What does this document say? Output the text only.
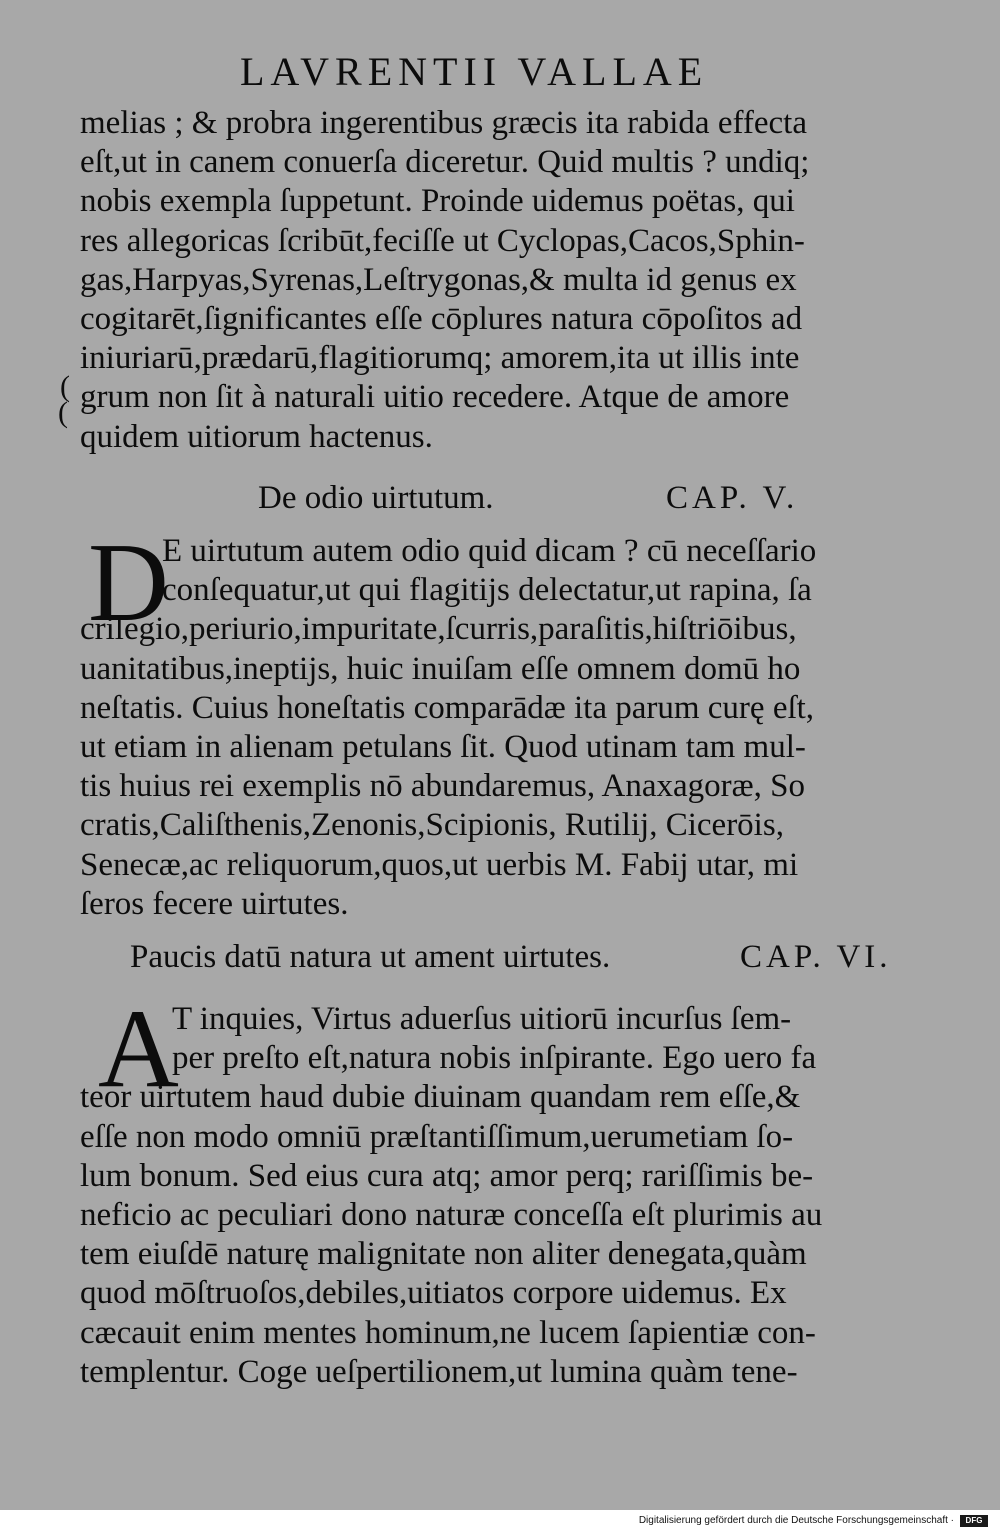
LAVRENTII VALLAE
melias ; & probra ingerentibus græcis ita rabida effecta
eſt,ut in canem conuerſa diceretur. Quid multis ? undiq;
nobis exempla ſuppetunt. Proinde uidemus poëtas, qui
res allegoricas ſcribūt,feciſſe ut Cyclopas,Cacos,Sphin-
gas,Harpyas,Syrenas,Leſtrygonas,& multa id genus ex
cogitarēt,ſignificantes eſſe cōplures natura cōpoſitos ad
iniuriarū,prædarū,flagitiorumq; amorem,ita ut illis inte
grum non ſit à naturali uitio recedere. Atque de amore
quidem uitiorum hactenus.
(
(
De odio uirtutum.	CAP. V.
D
E uirtutum autem odio quid dicam ? cū neceſſario
conſequatur,ut qui flagitijs delectatur,ut rapina, ſa
crilegio,periurio,impuritate,ſcurris,paraſitis,hiſtriōibus,
uanitatibus,ineptijs, huic inuiſam eſſe omnem domū ho
neſtatis. Cuius honeſtatis comparādæ ita parum curę eſt,
ut etiam in alienam petulans ſit. Quod utinam tam mul-
tis huius rei exemplis nō abundaremus, Anaxagoræ, So
cratis,Caliſthenis,Zenonis,Scipionis, Rutilij, Cicerōis,
Senecæ,ac reliquorum,quos,ut uerbis M. Fabij utar, mi
ſeros fecere uirtutes.
Paucis datū natura ut ament uirtutes.	CAP. VI.
A
T inquies, Virtus aduerſus uitiorū incurſus ſem-
per preſto eſt,natura nobis inſpirante. Ego uero fa
teor uirtutem haud dubie diuinam quandam rem eſſe,&
eſſe non modo omniū præſtantiſſimum,uerumetiam ſo-
lum bonum. Sed eius cura atq; amor perq; rariſſimis be-
neficio ac peculiari dono naturæ conceſſa eſt plurimis au
tem eiuſdē naturę malignitate non aliter denegata,quàm
quod mōſtruoſos,debiles,uitiatos corpore uidemus. Ex
cæcauit enim mentes hominum,ne lucem ſapientiæ con-
templentur. Coge ueſpertilionem,ut lumina quàm tene-
Digitalisierung gefördert durch die Deutsche Forschungsgemeinschaft ·	DFG
